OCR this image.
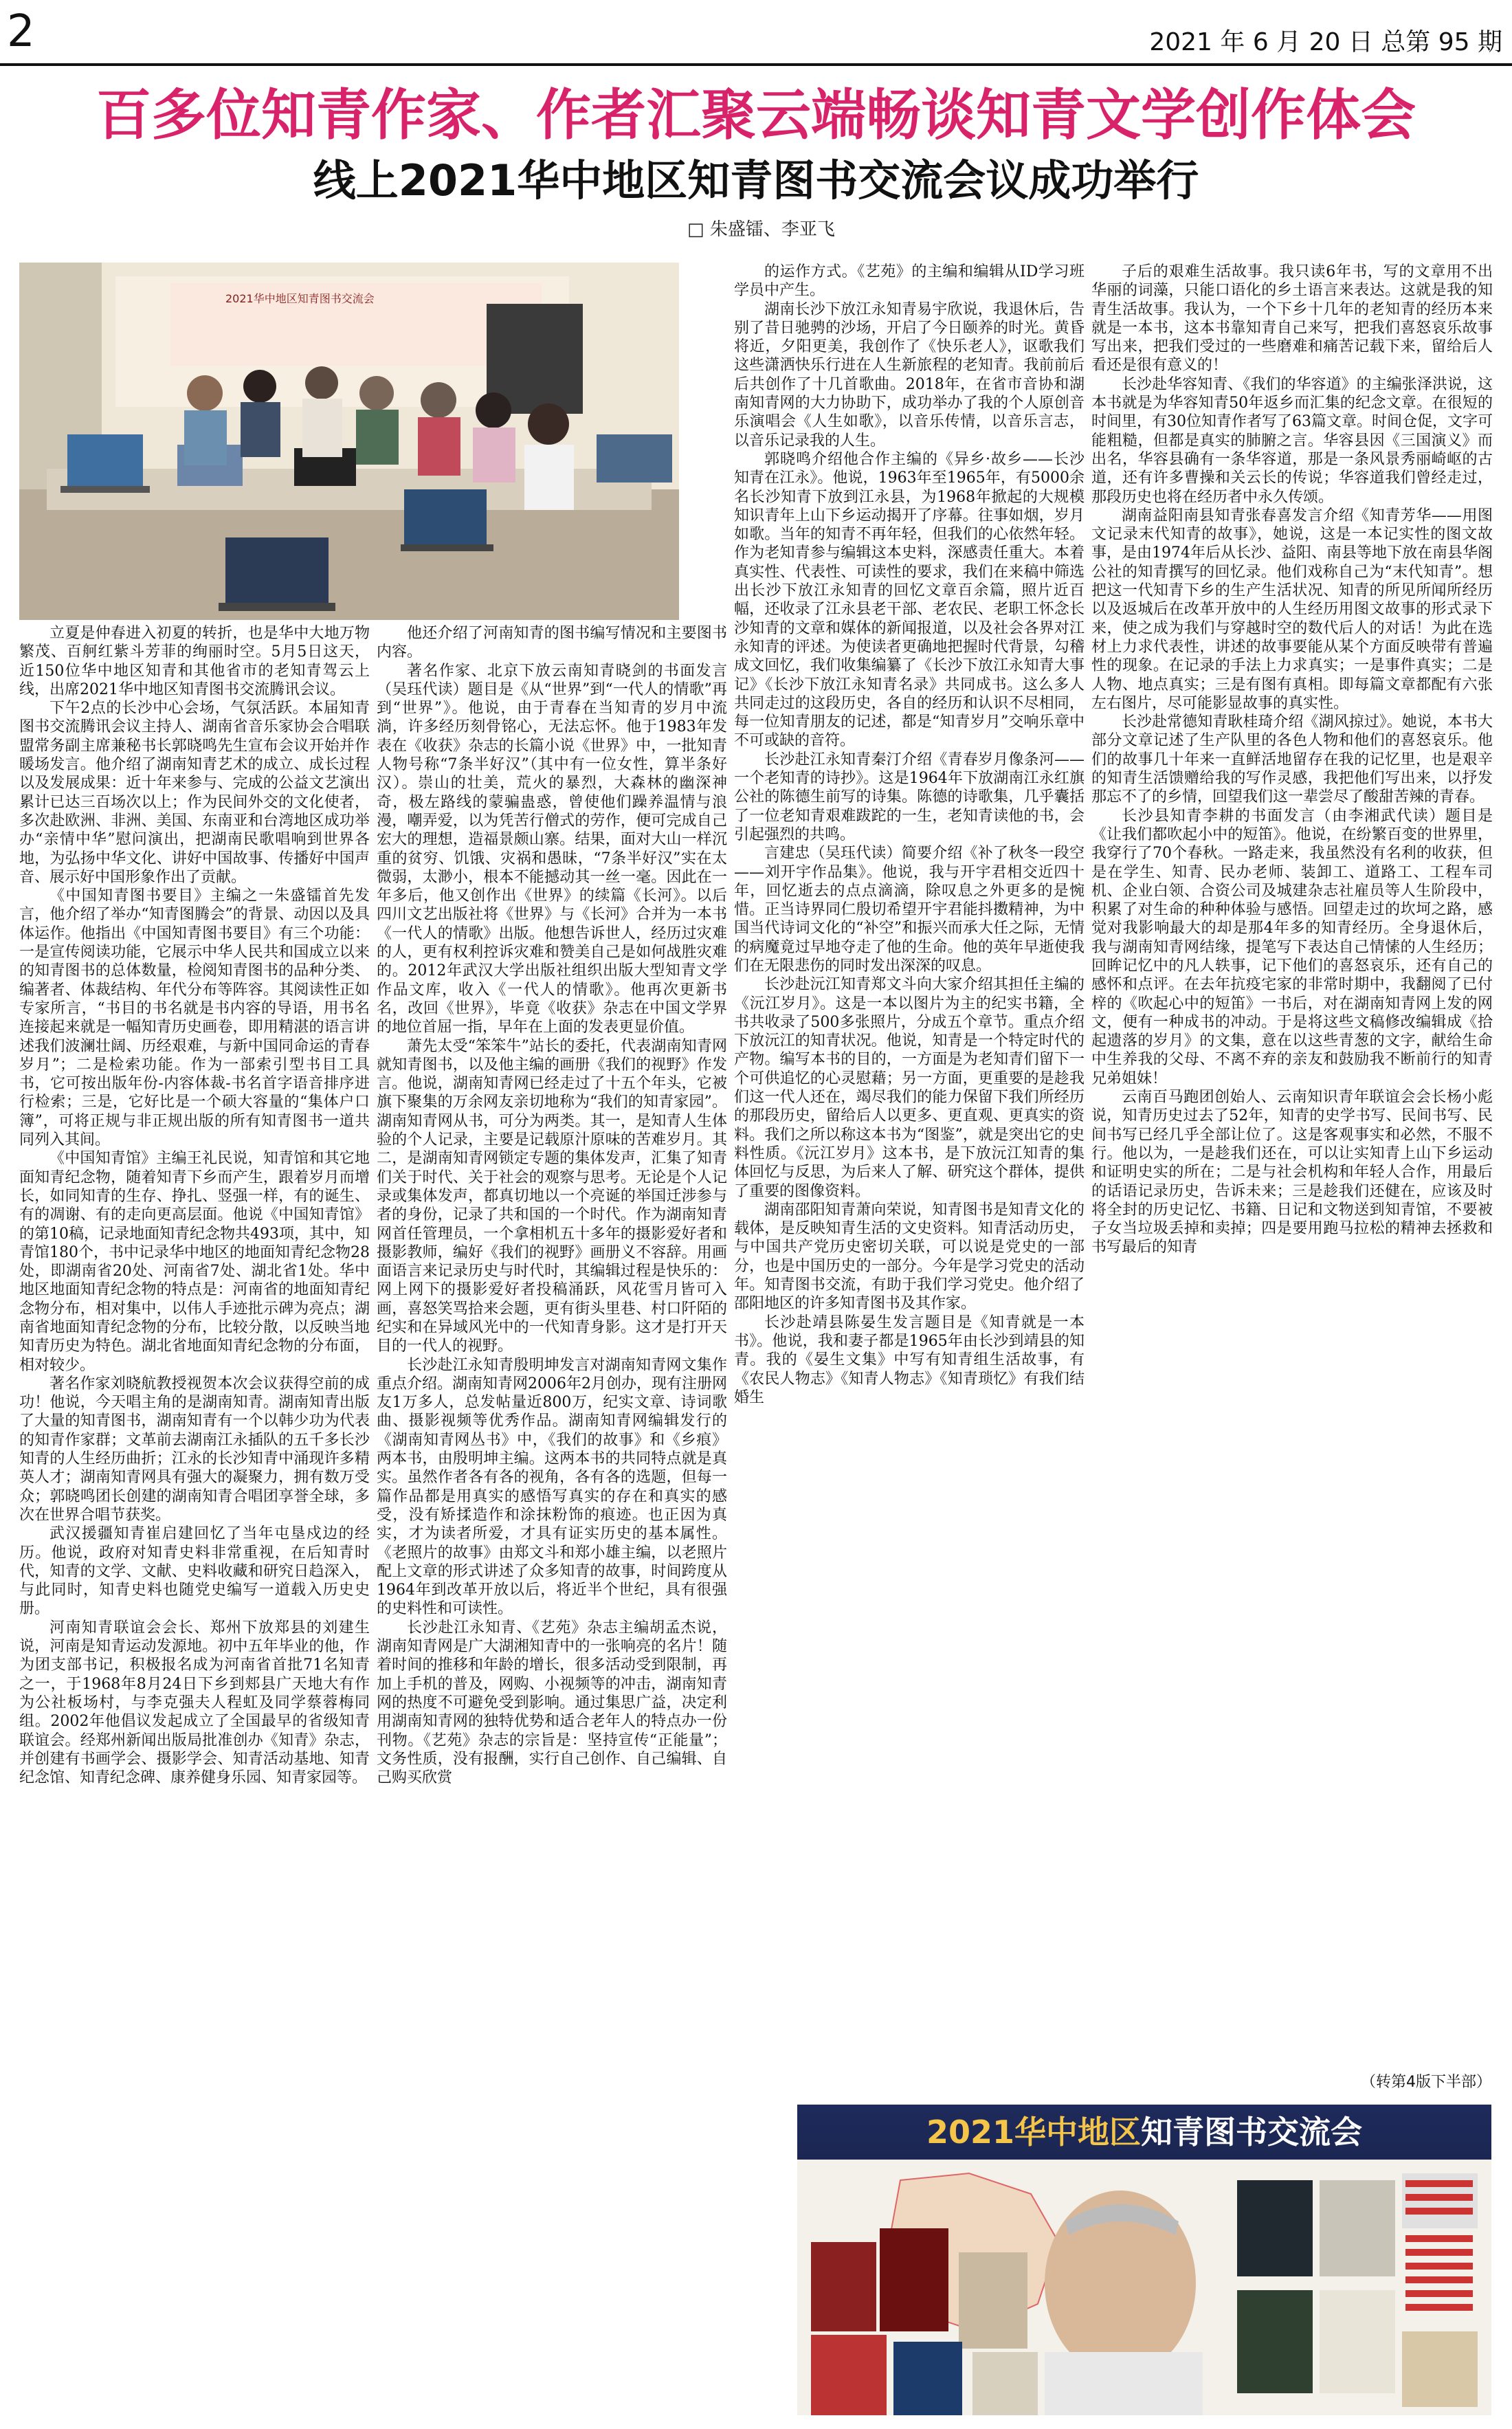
2	2021 年 6 月 20 日 总第 95 期
百多位知青作家、作者汇聚云端畅谈知青文学创作体会
线上2021华中地区知青图书交流会议成功举行
□ 朱盛镭、李亚飞
2021华中地区知青图书交流会

立夏是仲春进入初夏的转折，也是华中大地万物繁茂、百舸红紫斗芳菲的绚丽时空。5月5日这天，近150位华中地区知青和其他省市的老知青驾云上线，出席2021华中地区知青图书交流腾讯会议。

下午2点的长沙中心会场，气氛活跃。本届知青图书交流腾讯会议主持人、湖南省音乐家协会合唱联盟常务副主席兼秘书长郭晓鸣先生宣布会议开始并作暖场发言。他介绍了湖南知青艺术的成立、成长过程以及发展成果：近十年来参与、完成的公益文艺演出累计已达三百场次以上；作为民间外交的文化使者，多次赴欧洲、非洲、美国、东南亚和台湾地区成功举办“亲情中华”慰问演出，把湖南民歌唱响到世界各地，为弘扬中华文化、讲好中国故事、传播好中国声音、展示好中国形象作出了贡献。

《中国知青图书要目》主编之一朱盛镭首先发言，他介绍了举办“知青图腾会”的背景、动因以及具体运作。他指出《中国知青图书要目》有三个功能：一是宣传阅读功能，它展示中华人民共和国成立以来的知青图书的总体数量，检阅知青图书的品种分类、编著者、体裁结构、年代分布等阵容。其阅读性正如专家所言，“书目的书名就是书内容的导语，用书名连接起来就是一幅知青历史画卷，即用精湛的语言讲述我们波澜壮阔、历经艰难，与新中国同命运的青春岁月”；二是检索功能。作为一部索引型书目工具书，它可按出版年份-内容体裁-书名首字语音排序进行检索；三是，它好比是一个硕大容量的“集体户口簿”，可将正规与非正规出版的所有知青图书一道共同列入其间。

《中国知青馆》主编王礼民说，知青馆和其它地面知青纪念物，随着知青下乡而产生，跟着岁月而增长，如同知青的生存、挣扎、竖强一样，有的诞生、有的凋谢、有的走向更高层面。他说《中国知青馆》的第10稿，记录地面知青纪念物共493项，其中，知青馆180个，书中记录华中地区的地面知青纪念物28处，即湖南省20处、河南省7处、湖北省1处。华中地区地面知青纪念物的特点是：河南省的地面知青纪念物分布，相对集中，以伟人手迹批示碑为亮点；湖南省地面知青纪念物的分布，比较分散，以反映当地知青历史为特色。湖北省地面知青纪念物的分布面，相对较少。

著名作家刘晓航教授视贺本次会议获得空前的成功！他说，今天唱主角的是湖南知青。湖南知青出版了大量的知青图书，湖南知青有一个以韩少功为代表的知青作家群；文革前去湖南江永插队的五千多长沙知青的人生经历曲折；江永的长沙知青中涌现许多精英人才；湖南知青网具有强大的凝聚力，拥有数万受众；郭晓鸣团长创建的湖南知青合唱团享誉全球，多次在世界合唱节获奖。

武汉援疆知青崔启建回忆了当年屯垦戍边的经历。他说，政府对知青史料非常重视，在后知青时代，知青的文学、文献、史料收藏和研究日趋深入，与此同时，知青史料也随党史编写一道载入历史史册。

河南知青联谊会会长、郑州下放郑县的刘建生说，河南是知青运动发源地。初中五年毕业的他，作为团支部书记，积极报名成为河南省首批71名知青之一，于1968年8月24日下乡到郏县广天地大有作为公社板场村，与李克强夫人程虹及同学蔡蓉梅同组。2002年他倡议发起成立了全国最早的省级知青联谊会。经郑州新闻出版局批准创办《知青》杂志，并创建有书画学会、摄影学会、知青活动基地、知青纪念馆、知青纪念碑、康养健身乐园、知青家园等。

他还介绍了河南知青的图书编写情况和主要图书内容。

著名作家、北京下放云南知青晓剑的书面发言（吴珏代读）题目是《从“世界”到“一代人的情歌”再到“世界”》。他说，由于青春在当知青的岁月中流淌，许多经历刻骨铭心，无法忘怀。他于1983年发表在《收获》杂志的长篇小说《世界》中，一批知青人物号称“7条半好汉”（其中有一位女性，算半条好汉）。崇山的壮美，荒火的暴烈，大森林的幽深神奇，极左路线的蒙骗蛊惑，曾使他们躁养温情与浪漫，嘲弄爱，以为凭苦行僧式的劳作，便可完成自己宏大的理想，造福景颇山寨。结果，面对大山一样沉重的贫穷、饥饿、灾祸和愚昧，“7条半好汉”实在太微弱，太渺小，根本不能撼动其一丝一毫。因此在一年多后，他又创作出《世界》的续篇《长河》。以后四川文艺出版社将《世界》与《长河》合并为一本书《一代人的情歌》出版。他想告诉世人，经历过灾难的人，更有权利控诉灾难和赞美自己是如何战胜灾难的。2012年武汉大学出版社组织出版大型知青文学作品文库，收入《一代人的情歌》。他再次更新书名，改回《世界》，毕竟《收获》杂志在中国文学界的地位首屈一指，早年在上面的发表更显价值。

萧先太受“笨笨牛”站长的委托，代表湖南知青网就知青图书，以及他主编的画册《我们的视野》作发言。他说，湖南知青网已经走过了十五个年头，它被旗下聚集的万余网友亲切地称为“我们的知青家园”。湖南知青网从书，可分为两类。其一，是知青人生体验的个人记录，主要是记载原汁原味的苦难岁月。其二，是湖南知青网锁定专题的集体发声，汇集了知青们关于时代、关于社会的观察与思考。无论是个人记录或集体发声，都真切地以一个亮诞的举国迁涉参与者的身份，记录了共和国的一个时代。作为湖南知青网首任管理员，一个拿相机五十多年的摄影爱好者和摄影教师，编好《我们的视野》画册义不容辞。用画面语言来记录历史与时代时，其编辑过程是快乐的：网上网下的摄影爱好者投稿涌跃，风花雪月皆可入画，喜怒笑骂拾来会题，更有街头里巷、村口阡陌的纪实和在异域风光中的一代知青身影。这才是打开天目的一代人的视野。

长沙赴江永知青殷明坤发言对湖南知青网文集作重点介绍。湖南知青网2006年2月创办，现有注册网友1万多人，总发帖量近800万，纪实文章、诗词歌曲、摄影视频等优秀作品。湖南知青网编辑发行的《湖南知青网丛书》中，《我们的故事》和《乡痕》两本书，由殷明坤主编。这两本书的共同特点就是真实。虽然作者各有各的视角，各有各的选题，但每一篇作品都是用真实的感悟写真实的存在和真实的感受，没有矫揉造作和涂抹粉饰的痕迹。也正因为真实，才为读者所爱，才具有证实历史的基本属性。《老照片的故事》由郑文斗和郑小雄主编，以老照片配上文章的形式讲述了众多知青的故事，时间跨度从1964年到改革开放以后，将近半个世纪，具有很强的史料性和可读性。

长沙赴江永知青、《艺苑》杂志主编胡孟杰说，湖南知青网是广大湖湘知青中的一张响亮的名片！随着时间的推移和年龄的增长，很多活动受到限制，再加上手机的普及，网购、小视频等的冲击，湖南知青网的热度不可避免受到影响。通过集思广益，决定利用湖南知青网的独特优势和适合老年人的特点办一份刊物。《艺苑》杂志的宗旨是：坚持宣传“正能量”；文务性质，没有报酬，实行自己创作、自己编辑、自己购买欣赏

的运作方式。《艺苑》的主编和编辑从ID学习班学员中产生。

湖南长沙下放江永知青易宇欣说，我退休后，告别了昔日驰骋的沙场，开启了今日颐养的时光。黄昏将近，夕阳更美，我创作了《快乐老人》，讴歌我们这些潇洒快乐行进在人生新旅程的老知青。我前前后后共创作了十几首歌曲。2018年，在省市音协和湖南知青网的大力协助下，成功举办了我的个人原创音乐演唱会《人生如歌》，以音乐传情，以音乐言志，以音乐记录我的人生。

郭晓鸣介绍他合作主编的《异乡·故乡——长沙知青在江永》。他说，1963年至1965年，有5000余名长沙知青下放到江永县，为1968年掀起的大规模知识青年上山下乡运动揭开了序幕。往事如烟，岁月如歌。当年的知青不再年轻，但我们的心依然年轻。作为老知青参与编辑这本史料，深感责任重大。本着真实性、代表性、可读性的要求，我们在来稿中筛选出长沙下放江永知青的回忆文章百余篇，照片近百幅，还收录了江永县老干部、老农民、老职工怀念长沙知青的文章和媒体的新闻报道，以及社会各界对江永知青的评述。为使读者更确地把握时代背景，勾稽成文回忆，我们收集编纂了《长沙下放江永知青大事记》《长沙下放江永知青名录》共同成书。这么多人共同走过的这段历史，各自的经历和认识不尽相同，每一位知青朋友的记述，都是“知青岁月”交响乐章中不可或缺的音符。

长沙赴江永知青秦汀介绍《青春岁月像条河——一个老知青的诗抄》。这是1964年下放湖南江永红旗公社的陈德生前写的诗集。陈德的诗歌集，几乎囊括了一位老知青艰难跋跎的一生，老知青读他的书，会引起强烈的共鸣。

言建忠（吴珏代读）简要介绍《补了秋冬一段空——刘开宇作品集》。他说，我与开宇君相交近四十年，回忆逝去的点点滴滴，除叹息之外更多的是惋惜。正当诗界同仁殷切希望开宇君能抖擞精神，为中国当代诗词文化的“补空”和振兴而承大任之际，无情的病魔竟过早地夺走了他的生命。他的英年早逝使我们在无限悲伤的同时发出深深的叹息。

长沙赴沅江知青郑文斗向大家介绍其担任主编的《沅江岁月》。这是一本以图片为主的纪实书籍，全书共收录了500多张照片，分成五个章节。重点介绍下放沅江的知青状况。他说，知青是一个特定时代的产物。编写本书的目的，一方面是为老知青们留下一个可供追忆的心灵慰藉；另一方面，更重要的是趁我们这一代人还在，竭尽我们的能力保留下我们所经历的那段历史，留给后人以更多、更直观、更真实的资料。我们之所以称这本书为“图鉴”，就是突出它的史料性质。《沅江岁月》这本书，是下放沅江知青的集体回忆与反思，为后来人了解、研究这个群体，提供了重要的图像资料。

湖南邵阳知青萧向荣说，知青图书是知青文化的载体，是反映知青生活的文史资料。知青活动历史，与中国共产党历史密切关联，可以说是党史的一部分，也是中国历史的一部分。今年是学习党史的活动年。知青图书交流，有助于我们学习党史。他介绍了邵阳地区的许多知青图书及其作家。

长沙赴靖县陈晏生发言题目是《知青就是一本书》。他说，我和妻子都是1965年由长沙到靖县的知青。我的《晏生文集》中写有知青组生活故事，有《农民人物志》《知青人物志》《知青琐忆》有我们结婚生

子后的艰难生活故事。我只读6年书，写的文章用不出华丽的词藻，只能口语化的乡土语言来表达。这就是我的知青生活故事。我认为，一个下乡十几年的老知青的经历本来就是一本书，这本书靠知青自己来写，把我们喜怒哀乐故事写出来，把我们受过的一些磨难和痛苦记载下来，留给后人看还是很有意义的！

长沙赴华容知青、《我们的华容道》的主编张泽洪说，这本书就是为华容知青50年返乡而汇集的纪念文章。在很短的时间里，有30位知青作者写了63篇文章。时间仓促，文字可能粗糙，但都是真实的肺腑之言。华容县因《三国演义》而出名，华容县确有一条华容道，那是一条风景秀丽崎岖的古道，还有许多曹操和关云长的传说；华容道我们曾经走过，那段历史也将在经历者中永久传颂。

湖南益阳南县知青张春喜发言介绍《知青芳华——用图文记录末代知青的故事》，她说，这是一本记实性的图文故事，是由1974年后从长沙、益阳、南县等地下放在南县华阁公社的知青撰写的回忆录。他们戏称自己为“末代知青”。想把这一代知青下乡的生产生活状况、知青的所见所闻所经历以及返城后在改革开放中的人生经历用图文故事的形式录下来，使之成为我们与穿越时空的数代后人的对话！为此在选材上力求代表性，讲述的故事要能从某个方面反映带有普遍性的现象。在记录的手法上力求真实；一是事件真实；二是人物、地点真实；三是有图有真相。即每篇文章都配有六张左右图片，尽可能影显故事的真实性。

长沙赴常德知青耿桂琦介绍《湖风掠过》。她说，本书大部分文章记述了生产队里的各色人物和他们的喜怒哀乐。他们的故事几十年来一直鲜活地留存在我的记忆里，也是艰辛的知青生活馈赠给我的写作灵感，我把他们写出来，以抒发那忘不了的乡情，回望我们这一辈尝尽了酸甜苦辣的青春。

长沙县知青李耕的书面发言（由李湘武代读）题目是《让我们都吹起小中的短笛》。他说，在纷繁百变的世界里，我穿行了70个春秋。一路走来，我虽然没有名利的收获，但是在学生、知青、民办老师、装卸工、道路工、工程车司机、企业白领、合资公司及城建杂志社雇员等人生阶段中，积累了对生命的种种体验与感悟。回望走过的坎坷之路，感觉对我影响最大的却是那4年多的知青经历。全身退休后，我与湖南知青网结缘，提笔写下表达自己情愫的人生经历；回眸记忆中的凡人轶事，记下他们的喜怒哀乐，还有自己的感怀和点评。在去年抗疫宅家的非常时期中，我翻阅了已付梓的《吹起心中的短笛》一书后，对在湖南知青网上发的网文，便有一种成书的冲动。于是将这些文稿修改编辑成《拾起遗落的岁月》的文集，意在以这些青葱的文字，献给生命中生养我的父母、不离不弃的亲友和鼓励我不断前行的知青兄弟姐妹！

云南百马跑团创始人、云南知识青年联谊会会长杨小彪说，知青历史过去了52年，知青的史学书写、民间书写、民间书写已经几乎全部让位了。这是客观事实和必然，不服不行。他以为，一是趁我们还在，可以让实知青上山下乡运动和证明史实的所在；二是与社会机构和年轻人合作，用最后的话语记录历史，告诉未来；三是趁我们还健在，应该及时将全封的历史记忆、书籍、日记和文物送到知青馆，不要被子女当垃圾丢掉和卖掉；四是要用跑马拉松的精神去拯救和书写最后的知青

（转第4版下半部）
2021华中地区知青图书交流会
